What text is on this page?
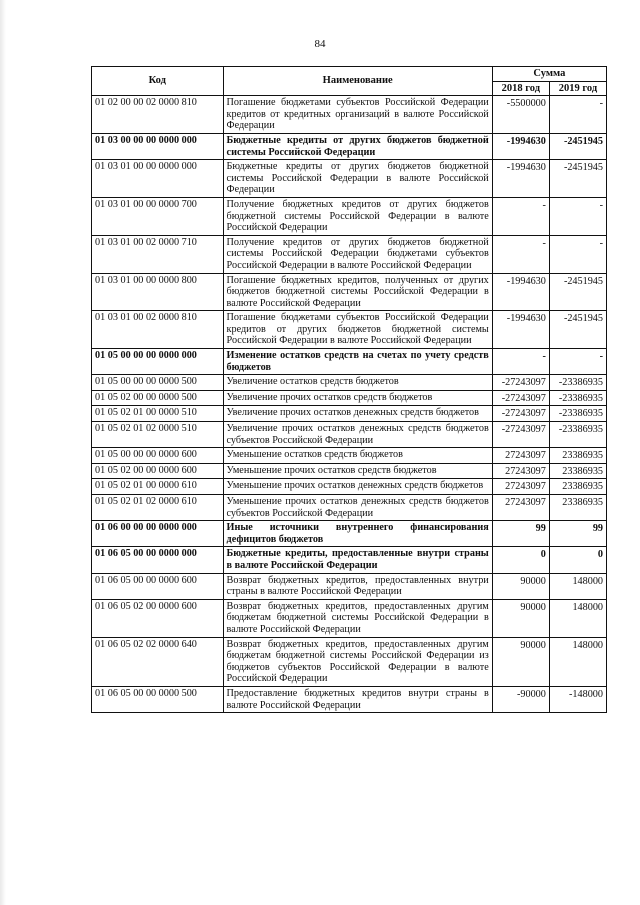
84
Код	Наименование	Сумма	
		2018 год	2019 год
01 02 00 00 02 0000 810	Погашение бюджетами субъектов Российской Федерации кредитов от кредитных организаций в валюте Российской Федерации	-5500000	-
01 03 00 00 00 0000 000	Бюджетные кредиты от других бюджетов бюджетной системы Российской Федерации	-1994630	-2451945
01 03 01 00 00 0000 000	Бюджетные кредиты от других бюджетов бюджетной системы Российской Федерации в валюте Российской Федерации	-1994630	-2451945
01 03 01 00 00 0000 700	Получение бюджетных кредитов от других бюджетов бюджетной системы Российской Федерации в валюте Российской Федерации	-	-
01 03 01 00 02 0000 710	Получение кредитов от других бюджетов бюджетной системы Российской Федерации бюджетами субъектов Российской Федерации в валюте Российской Федерации	-	-
01 03 01 00 00 0000 800	Погашение бюджетных кредитов, полученных от других бюджетов бюджетной системы Российской Федерации в валюте Российской Федерации	-1994630	-2451945
01 03 01 00 02 0000 810	Погашение бюджетами субъектов Российской Федерации кредитов от других бюджетов бюджетной системы Российской Федерации в валюте Российской Федерации	-1994630	-2451945
01 05 00 00 00 0000 000	Изменение остатков средств на счетах по учету средств бюджетов	-	-
01 05 00 00 00 0000 500	Увеличение остатков средств бюджетов	-27243097	-23386935
01 05 02 00 00 0000 500	Увеличение прочих остатков средств бюджетов	-27243097	-23386935
01 05 02 01 00 0000 510	Увеличение прочих остатков денежных средств бюджетов	-27243097	-23386935
01 05 02 01 02 0000 510	Увеличение прочих остатков денежных средств бюджетов субъектов Российской Федерации	-27243097	-23386935
01 05 00 00 00 0000 600	Уменьшение остатков средств бюджетов	27243097	23386935
01 05 02 00 00 0000 600	Уменьшение прочих остатков средств бюджетов	27243097	23386935
01 05 02 01 00 0000 610	Уменьшение прочих остатков денежных средств бюджетов	27243097	23386935
01 05 02 01 02 0000 610	Уменьшение прочих остатков денежных средств бюджетов субъектов Российской Федерации	27243097	23386935
01 06 00 00 00 0000 000	Иные источники внутреннего финансирования дефицитов бюджетов	99	99
01 06 05 00 00 0000 000	Бюджетные кредиты, предоставленные внутри страны в валюте Российской Федерации	0	0
01 06 05 00 00 0000 600	Возврат бюджетных кредитов, предоставленных внутри страны в валюте Российской Федерации	90000	148000
01 06 05 02 00 0000 600	Возврат бюджетных кредитов, предоставленных другим бюджетам бюджетной системы Российской Федерации в валюте Российской Федерации	90000	148000
01 06 05 02 02 0000 640	Возврат бюджетных кредитов, предоставленных другим бюджетам бюджетной системы Российской Федерации из бюджетов субъектов Российской Федерации в валюте Российской Федерации	90000	148000
01 06 05 00 00 0000 500	Предоставление бюджетных кредитов внутри страны в валюте Российской Федерации	-90000	-148000
